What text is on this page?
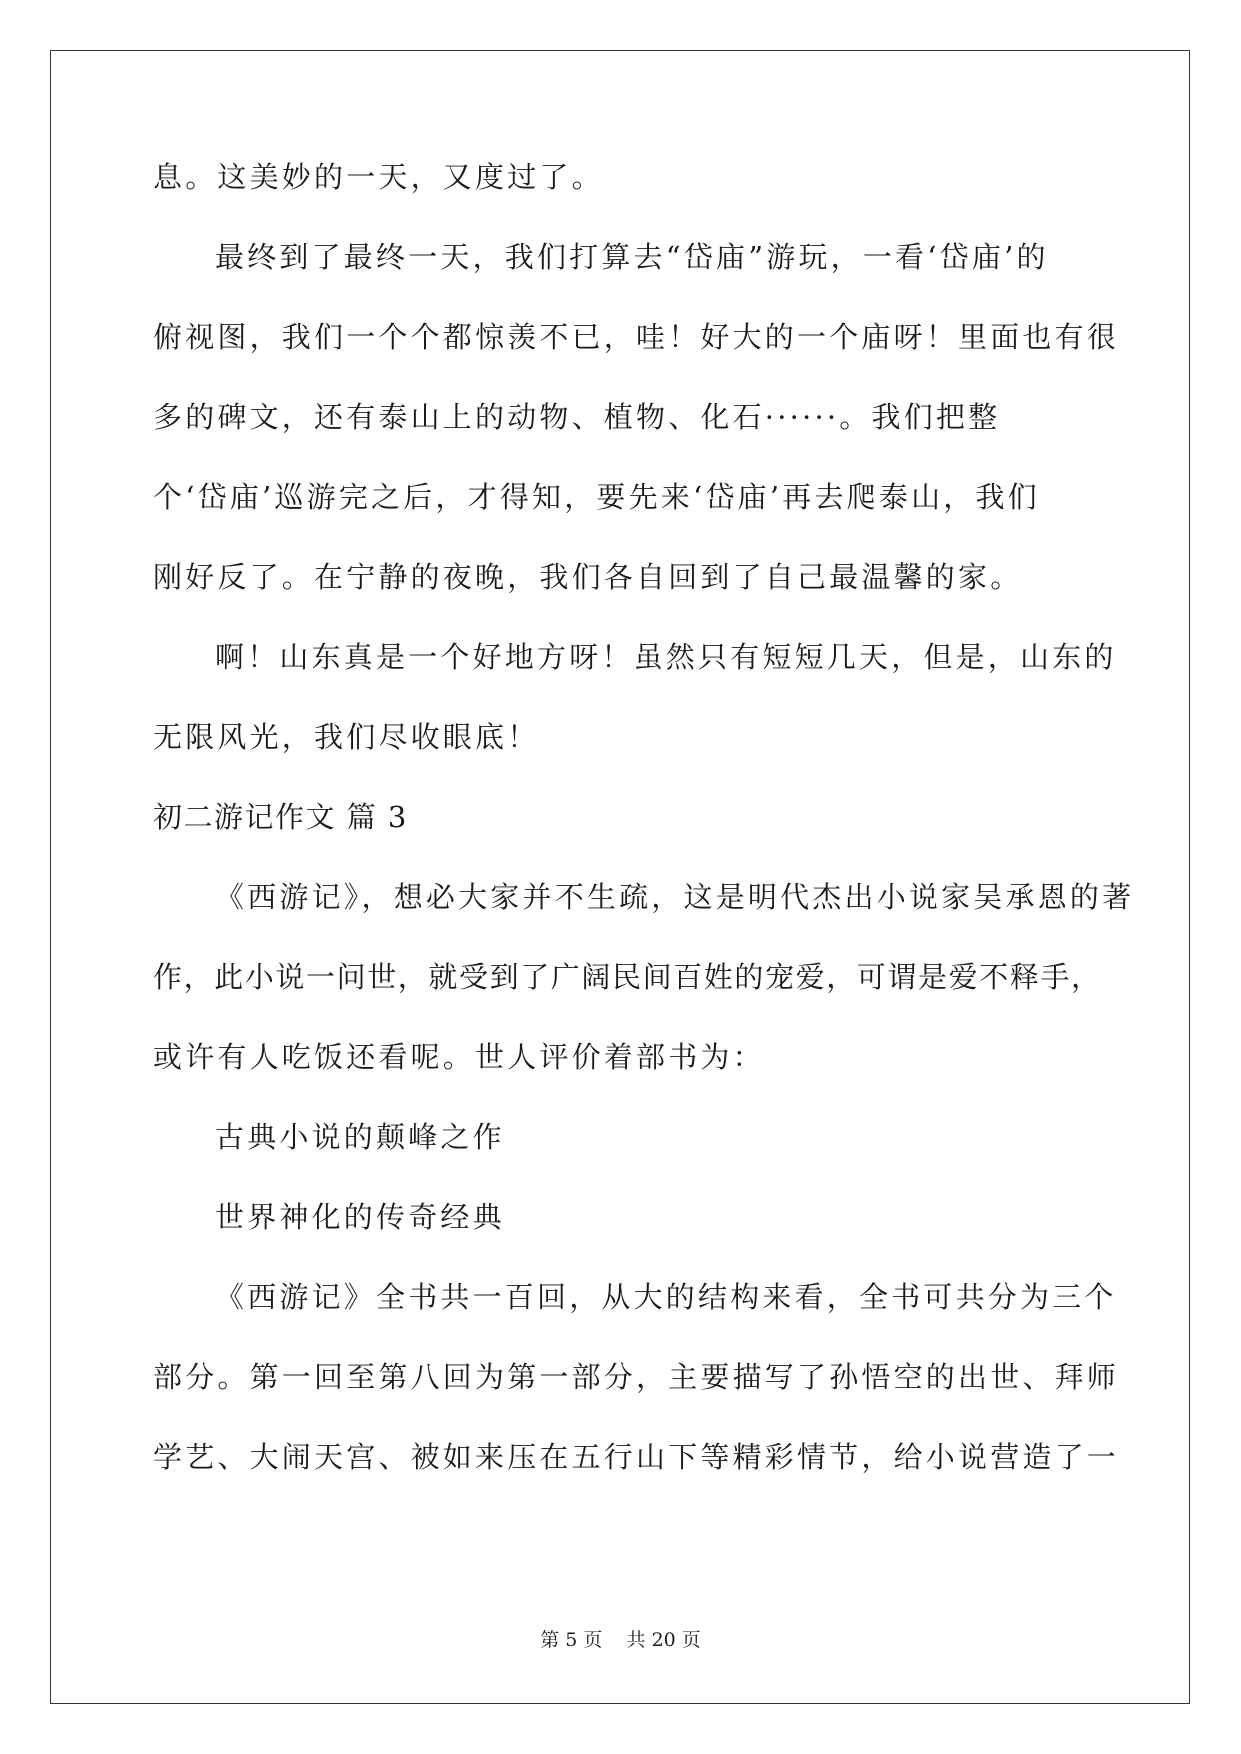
息。这美妙的一天，又度过了。
最终到了最终一天，我们打算去“岱庙”游玩，一看‘岱庙’的
俯视图，我们一个个都惊羡不已，哇！好大的一个庙呀！里面也有很
多的碑文，还有泰山上的动物、植物、化石······。我们把整
个‘岱庙’巡游完之后，才得知，要先来‘岱庙’再去爬泰山，我们
刚好反了。在宁静的夜晚，我们各自回到了自己最温馨的家。
啊！山东真是一个好地方呀！虽然只有短短几天，但是，山东的
无限风光，我们尽收眼底！
初二游记作文 篇 3
《西游记》，想必大家并不生疏，这是明代杰出小说家吴承恩的著
作，此小说一问世，就受到了广阔民间百姓的宠爱，可谓是爱不释手，
或许有人吃饭还看呢。世人评价着部书为：
古典小说的颠峰之作
世界神化的传奇经典
《西游记》全书共一百回，从大的结构来看，全书可共分为三个
部分。第一回至第八回为第一部分，主要描写了孙悟空的出世、拜师
学艺、大闹天宫、被如来压在五行山下等精彩情节，给小说营造了一
第 5 页    共 20 页
